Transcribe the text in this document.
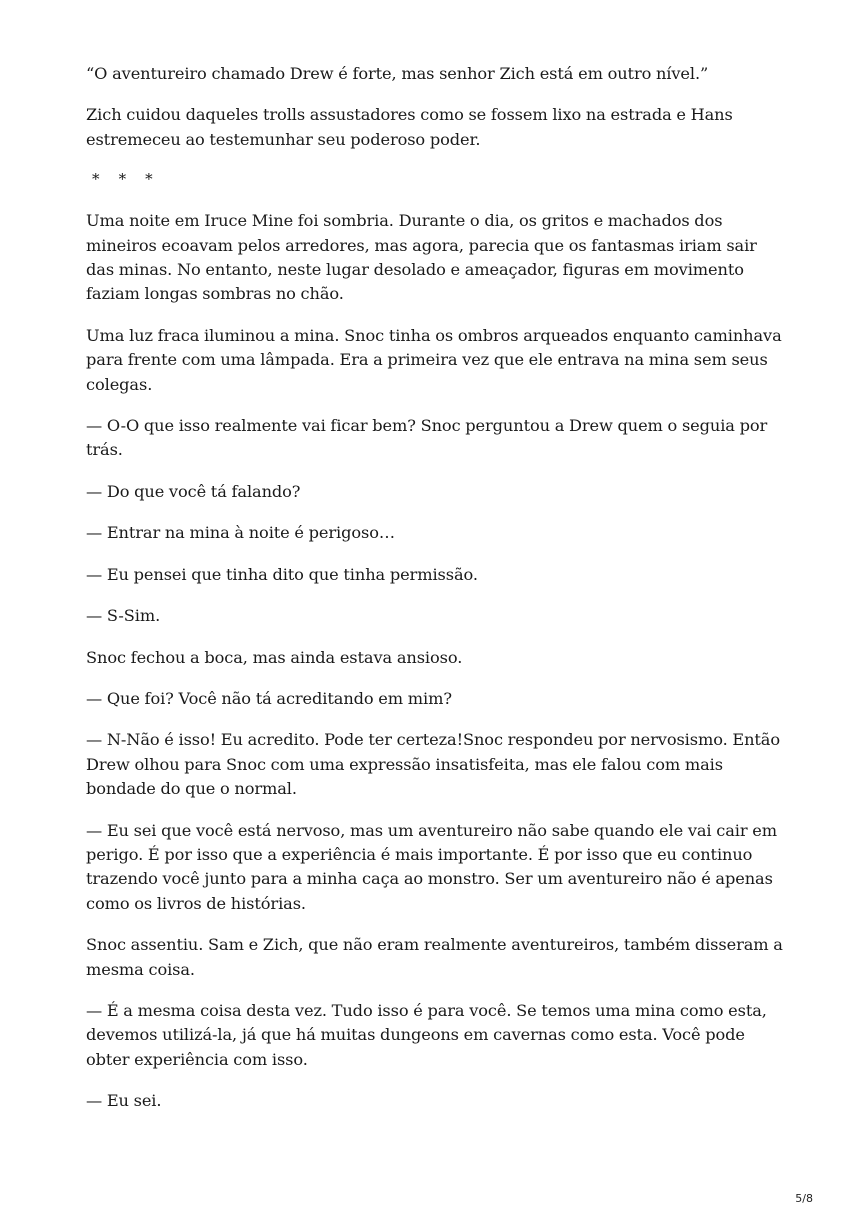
“O aventureiro chamado Drew é forte, mas senhor Zich está em outro nível.”

Zich cuidou daqueles trolls assustadores como se fossem lixo na estrada e Hans estremeceu ao testemunhar seu poderoso poder.

*    *    *

Uma noite em Iruce Mine foi sombria. Durante o dia, os gritos e machados dos mineiros ecoavam pelos arredores, mas agora, parecia que os fantasmas iriam sair das minas. No entanto, neste lugar desolado e ameaçador, figuras em movimento faziam longas sombras no chão.

Uma luz fraca iluminou a mina. Snoc tinha os ombros arqueados enquanto caminhava para frente com uma lâmpada. Era a primeira vez que ele entrava na mina sem seus colegas.

— O-O que isso realmente vai ficar bem? Snoc perguntou a Drew quem o seguia por trás.

— Do que você tá falando?

— Entrar na mina à noite é perigoso…

— Eu pensei que tinha dito que tinha permissão.

— S-Sim.

Snoc fechou a boca, mas ainda estava ansioso.

— Que foi? Você não tá acreditando em mim?

— N-Não é isso! Eu acredito. Pode ter certeza!Snoc respondeu por nervosismo. Então Drew olhou para Snoc com uma expressão insatisfeita, mas ele falou com mais bondade do que o normal.

— Eu sei que você está nervoso, mas um aventureiro não sabe quando ele vai cair em perigo. É por isso que a experiência é mais importante. É por isso que eu continuo trazendo você junto para a minha caça ao monstro. Ser um aventureiro não é apenas como os livros de histórias.

Snoc assentiu. Sam e Zich, que não eram realmente aventureiros, também disseram a mesma coisa.

— É a mesma coisa desta vez. Tudo isso é para você. Se temos uma mina como esta, devemos utilizá-la, já que há muitas dungeons em cavernas como esta. Você pode obter experiência com isso.

— Eu sei.

5/8
